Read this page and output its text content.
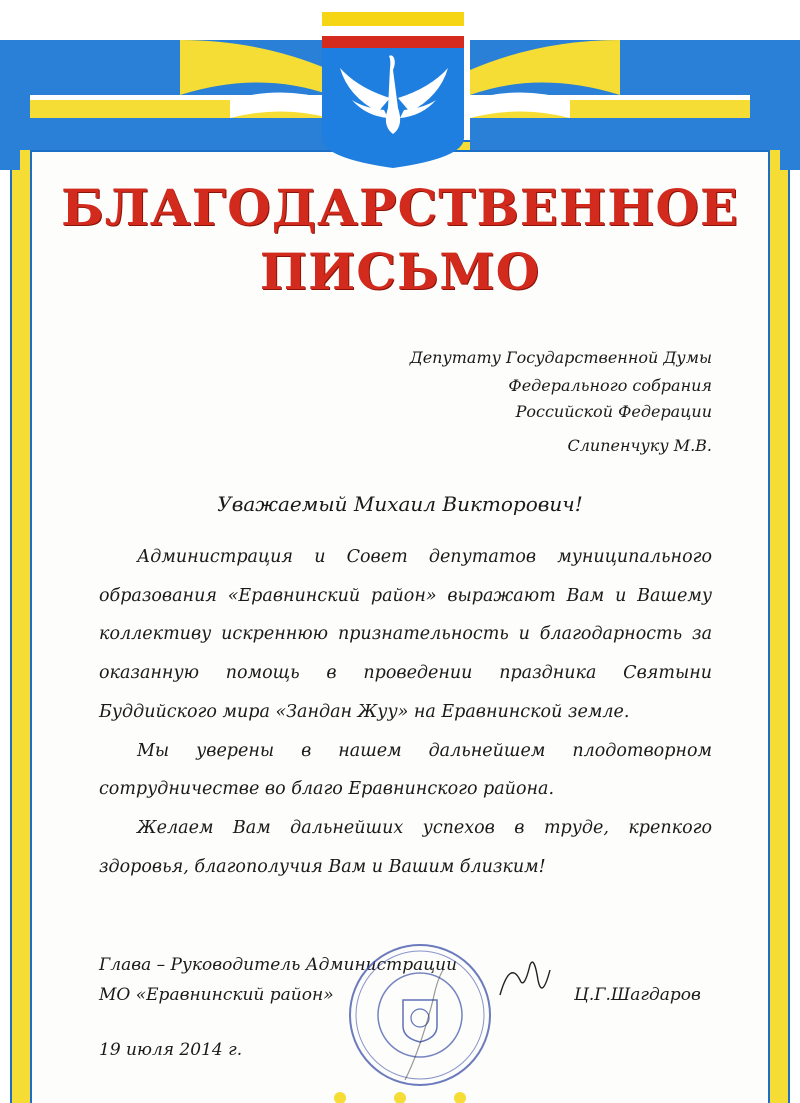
БЛАГОДАРСТВЕННОЕ
ПИСЬМО
Депутату Государственной Думы
Федерального собрания
Российской Федерации
Слипенчуку М.В.
Уважаемый Михаил Викторович!
Администрация и Совет депутатов муниципального
образования «Еравнинский район» выражают Вам и Вашему
коллективу искреннюю признательность и благодарность за
оказанную помощь в проведении праздника Святыни
Буддийского мира «Зандан Жуу» на Еравнинской земле.
Мы уверены в нашем дальнейшем плодотворном
сотрудничестве во благо Еравнинского района.
Желаем Вам дальнейших успехов в труде, крепкого
здоровья, благополучия Вам и Вашим близким!
Глава – Руководитель Администрации
МО «Еравнинский район»	Ц.Г.Шагдаров
19 июля 2014 г.
